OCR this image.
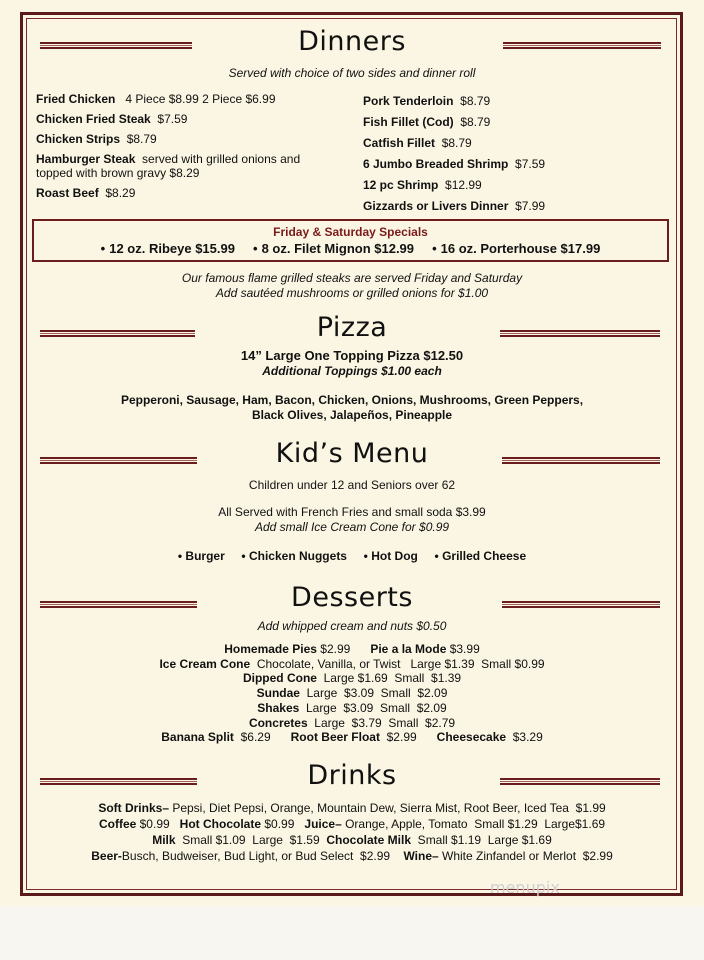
Dinners
Served with choice of two sides and dinner roll
Fried Chicken 4 Piece $8.99 2 Piece $6.99
Chicken Fried Steak $7.59
Chicken Strips $8.79
Hamburger Steak served with grilled onions and topped with brown gravy $8.29
Roast Beef $8.29
Pork Tenderloin $8.79
Fish Fillet (Cod) $8.79
Catfish Fillet $8.79
6 Jumbo Breaded Shrimp $7.59
12 pc Shrimp $12.99
Gizzards or Livers Dinner $7.99
Friday & Saturday Specials
• 12 oz. Ribeye $15.99 • 8 oz. Filet Mignon $12.99 • 16 oz. Porterhouse $17.99
Our famous flame grilled steaks are served Friday and Saturday
Add sautéed mushrooms or grilled onions for $1.00
Pizza
14” Large One Topping Pizza $12.50
Additional Toppings $1.00 each
Pepperoni, Sausage, Ham, Bacon, Chicken, Onions, Mushrooms, Green Peppers,
Black Olives, Jalapeños, Pineapple
Kid’s Menu
Children under 12 and Seniors over 62
All Served with French Fries and small soda $3.99
Add small Ice Cream Cone for $0.99
• Burger • Chicken Nuggets • Hot Dog • Grilled Cheese
Desserts
Add whipped cream and nuts $0.50
Homemade Pies $2.99      Pie a la Mode $3.99
Ice Cream Cone  Chocolate, Vanilla, or Twist   Large $1.39  Small $0.99
Dipped Cone  Large $1.69  Small  $1.39
Sundae  Large  $3.09  Small  $2.09
Shakes  Large  $3.09  Small  $2.09
Concretes  Large  $3.79  Small  $2.79
Banana Split  $6.29      Root Beer Float  $2.99      Cheesecake  $3.29
Drinks
Soft Drinks– Pepsi, Diet Pepsi, Orange, Mountain Dew, Sierra Mist, Root Beer, Iced Tea  $1.99
Coffee $0.99   Hot Chocolate $0.99   Juice– Orange, Apple, Tomato  Small $1.29  Large$1.69
Milk  Small $1.09  Large  $1.59  Chocolate Milk  Small $1.19  Large $1.69
Beer-Busch, Budweiser, Bud Light, or Bud Select  $2.99    Wine– White Zinfandel or Merlot  $2.99
menupix
